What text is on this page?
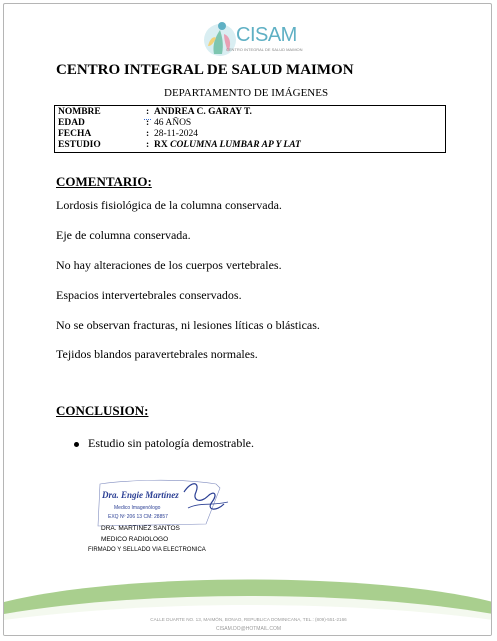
CISAM
CENTRO INTEGRAL DE SALUD MAIMON
CENTRO INTEGRAL DE SALUD MAIMON
DEPARTAMENTO DE IMÁGENES
NOMBRE	: ANDREA C. GARAY T.
EDAD	: 46 AÑOS
FECHA	: 28-11-2024
ESTUDIO	: RX COLUMNA LUMBAR AP Y LAT
COMENTARIO:
Lordosis fisiológica de la columna conservada.
Eje de columna conservada.
No hay alteraciones de los cuerpos vertebrales.
Espacios intervertebrales conservados.
No se observan fracturas, ni lesiones líticas o blásticas.
Tejidos blandos paravertebrales normales.
CONCLUSION:
Estudio sin patología demostrable.
Dra. Engie Martínez
Medico Imagenólogo
EXQ Nº 206 13 CM: 28857
DRA. MARTINEZ SANTOS
MEDICO RADIOLOGO
FIRMADO Y SELLADO VIA ELECTRONICA
CALLE DUARTE NO. 13, MAIMÓN, BONAO, REPUBLICA DOMINICANA, TEL.: (809)-551-2166
CISAM.DO@HOTMAIL.COM
